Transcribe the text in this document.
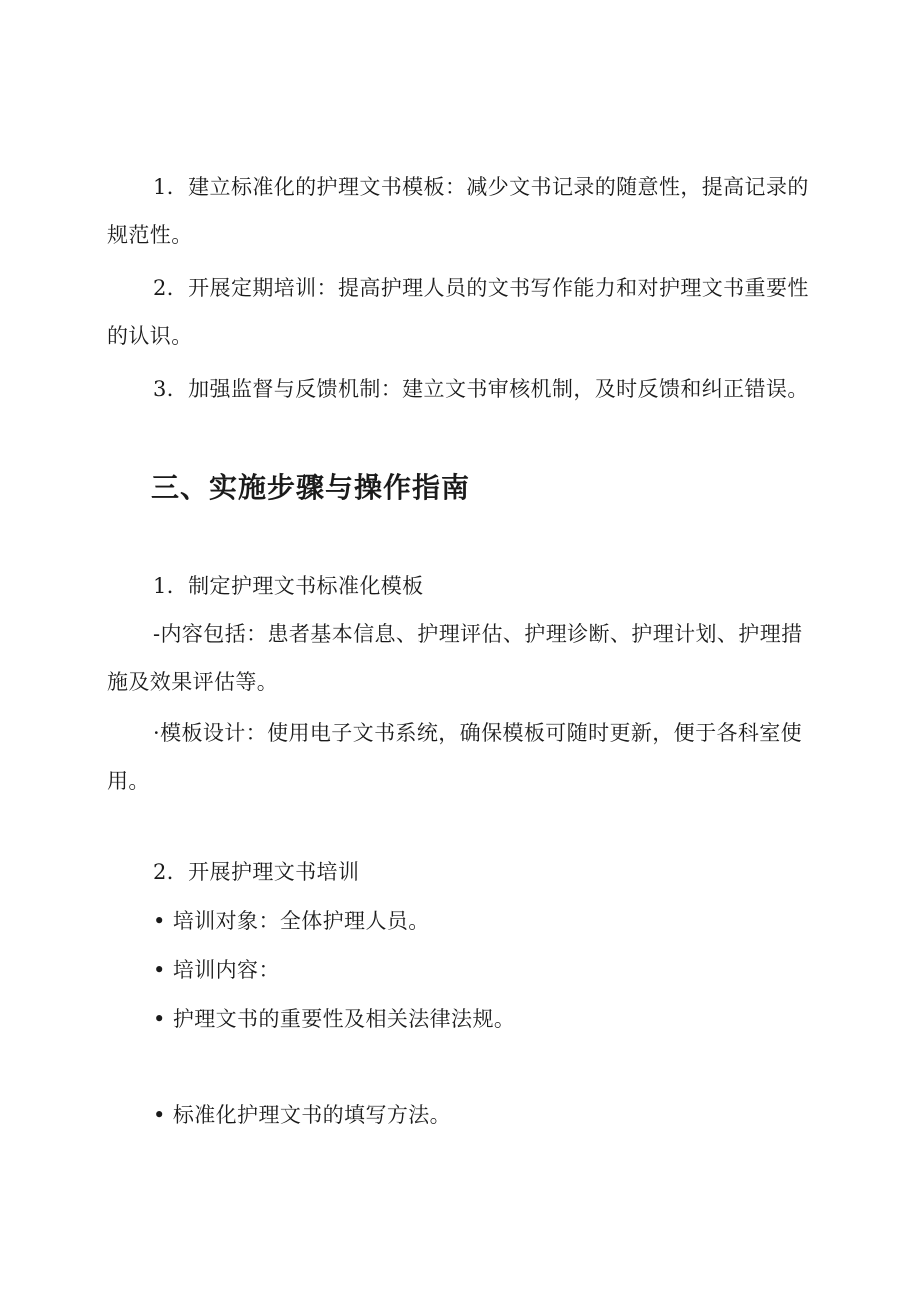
1．建立标准化的护理文书模板：减少文书记录的随意性，提高记录的规范性。

2．开展定期培训：提高护理人员的文书写作能力和对护理文书重要性的认识。

3．加强监督与反馈机制：建立文书审核机制，及时反馈和纠正错误。

三、实施步骤与操作指南

1．制定护理文书标准化模板

-内容包括：患者基本信息、护理评估、护理诊断、护理计划、护理措施及效果评估等。

·模板设计：使用电子文书系统，确保模板可随时更新，便于各科室使用。

2．开展护理文书培训

• 培训对象：全体护理人员。

• 培训内容：

• 护理文书的重要性及相关法律法规。

• 标准化护理文书的填写方法。
